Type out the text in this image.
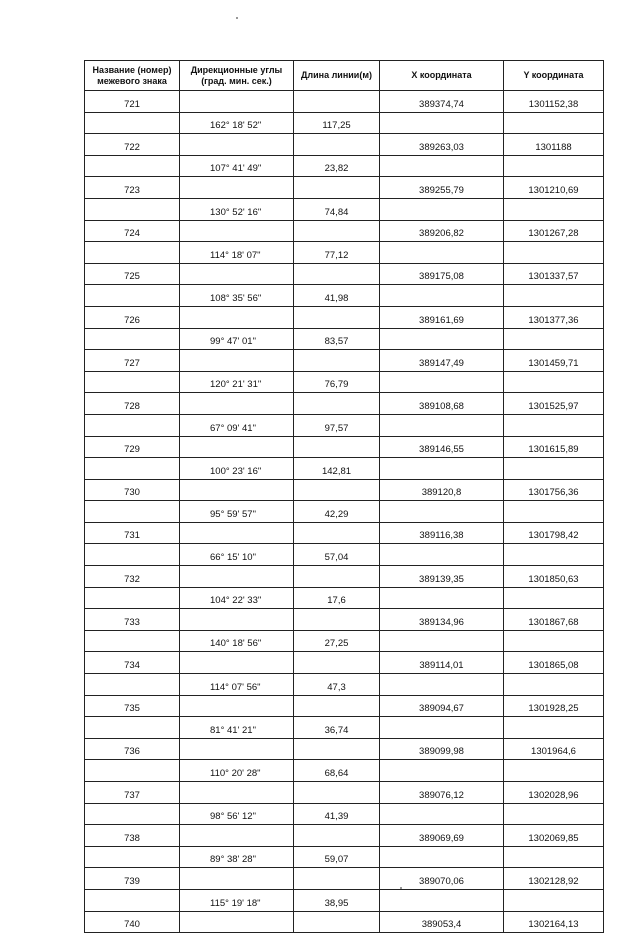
Название (номер) межевого знака	Дирекционные углы (град. мин. сек.)	Длина линии(м)	X координата	Y координата
721			389374,74	1301152,38
	162° 18' 52"	117,25		
722			389263,03	1301188
	107° 41' 49"	23,82		
723			389255,79	1301210,69
	130° 52' 16"	74,84		
724			389206,82	1301267,28
	114° 18' 07"	77,12		
725			389175,08	1301337,57
	108° 35' 56"	41,98		
726			389161,69	1301377,36
	99° 47' 01"	83,57		
727			389147,49	1301459,71
	120° 21' 31"	76,79		
728			389108,68	1301525,97
	67° 09' 41"	97,57		
729			389146,55	1301615,89
	100° 23' 16"	142,81		
730			389120,8	1301756,36
	95° 59' 57"	42,29		
731			389116,38	1301798,42
	66° 15' 10"	57,04		
732			389139,35	1301850,63
	104° 22' 33"	17,6		
733			389134,96	1301867,68
	140° 18' 56"	27,25		
734			389114,01	1301865,08
	114° 07' 56"	47,3		
735			389094,67	1301928,25
	81° 41' 21"	36,74		
736			389099,98	1301964,6
	110° 20' 28"	68,64		
737			389076,12	1302028,96
	98° 56' 12"	41,39		
738			389069,69	1302069,85
	89° 38' 28"	59,07		
739			389070,06	1302128,92
	115° 19' 18"	38,95		
740			389053,4	1302164,13
